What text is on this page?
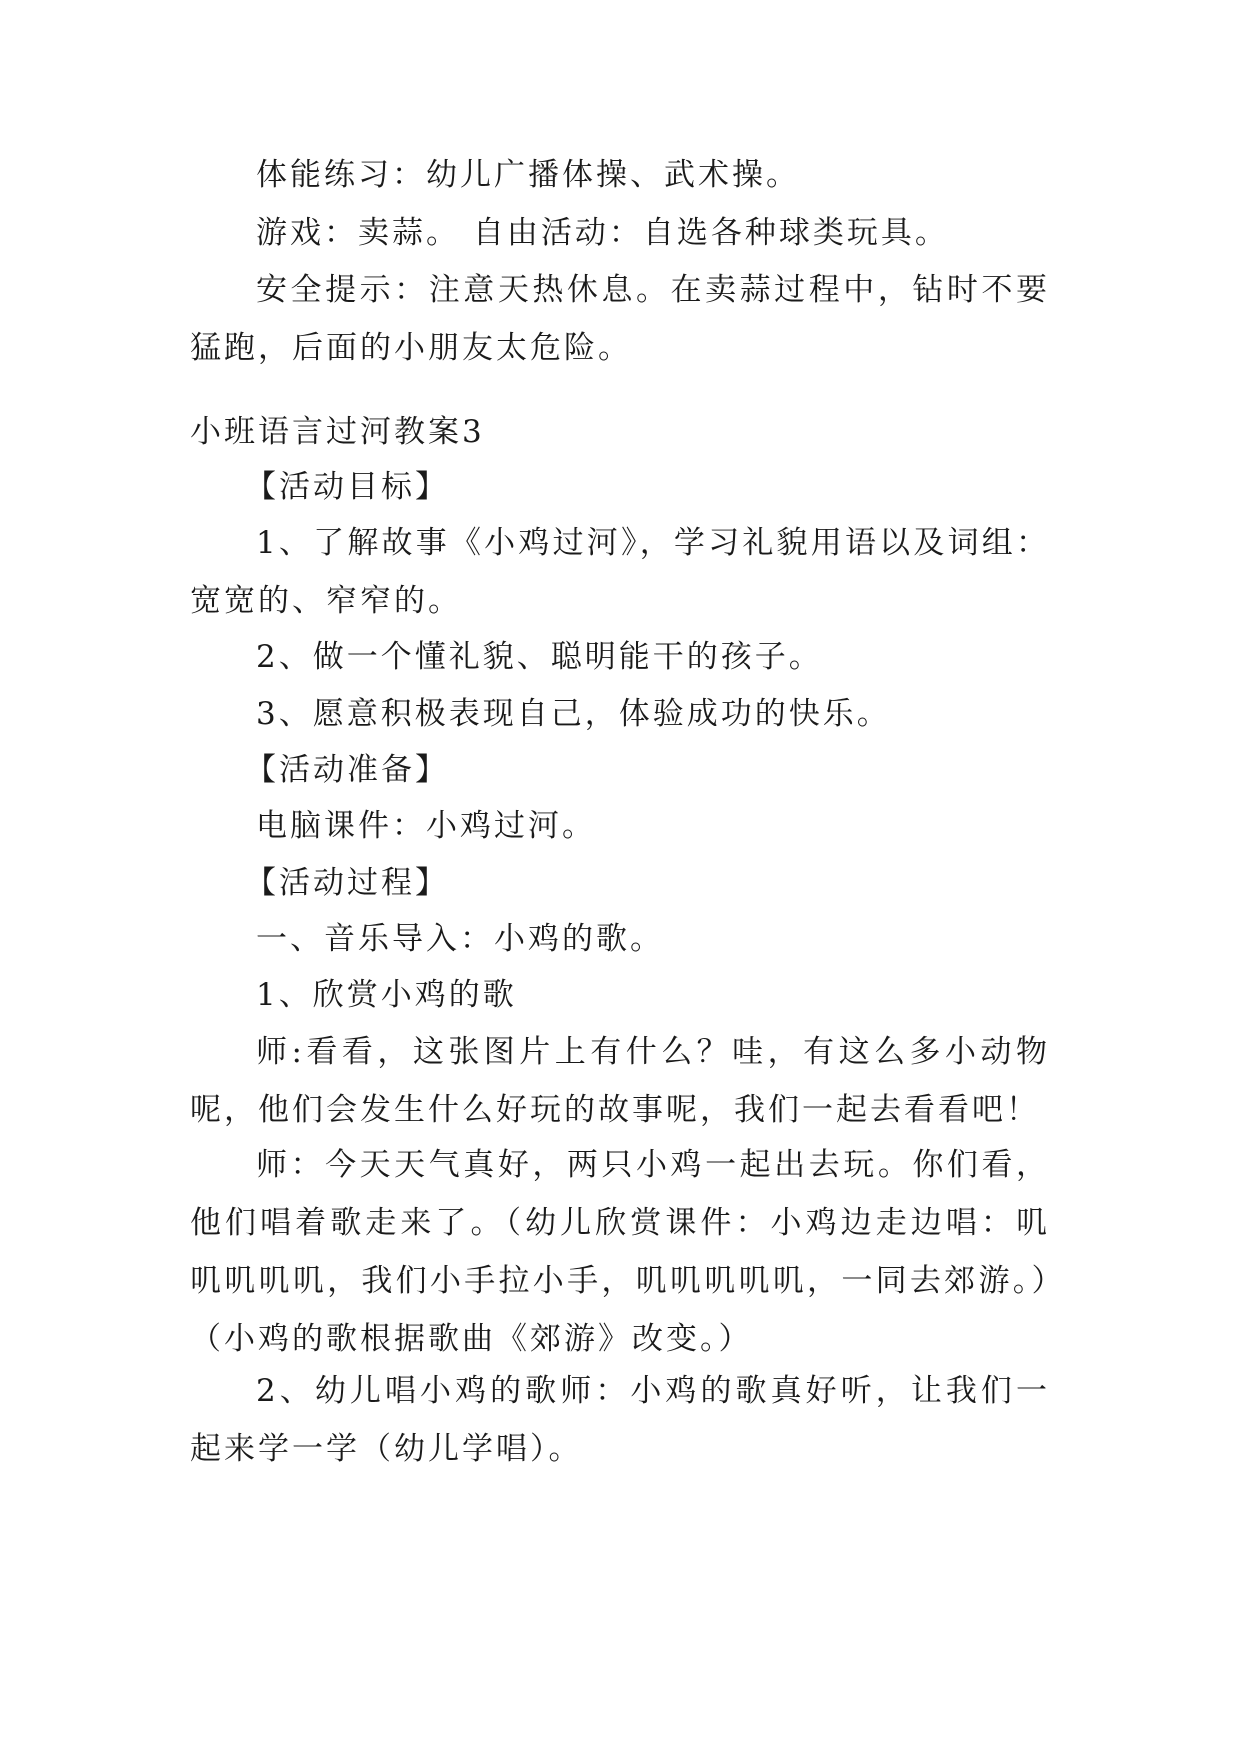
体能练习：幼儿广播体操、武术操。

游戏：卖蒜。 自由活动：自选各种球类玩具。

安全提示：注意天热休息。在卖蒜过程中，钻时不要猛跑，后面的小朋友太危险。

小班语言过河教案3

【活动目标】

1、了解故事《小鸡过河》，学习礼貌用语以及词组：宽宽的、窄窄的。

2、做一个懂礼貌、聪明能干的孩子。

3、愿意积极表现自己，体验成功的快乐。

【活动准备】

电脑课件：小鸡过河。

【活动过程】

一、音乐导入：小鸡的歌。

1、欣赏小鸡的歌

师:看看，这张图片上有什么？哇，有这么多小动物呢，他们会发生什么好玩的故事呢，我们一起去看看吧！

师：今天天气真好，两只小鸡一起出去玩。你们看，他们唱着歌走来了。（幼儿欣赏课件：小鸡边走边唱：叽叽叽叽叽，我们小手拉小手，叽叽叽叽叽，一同去郊游。）（小鸡的歌根据歌曲《郊游》改变。）

2、幼儿唱小鸡的歌师：小鸡的歌真好听，让我们一起来学一学（幼儿学唱）。
